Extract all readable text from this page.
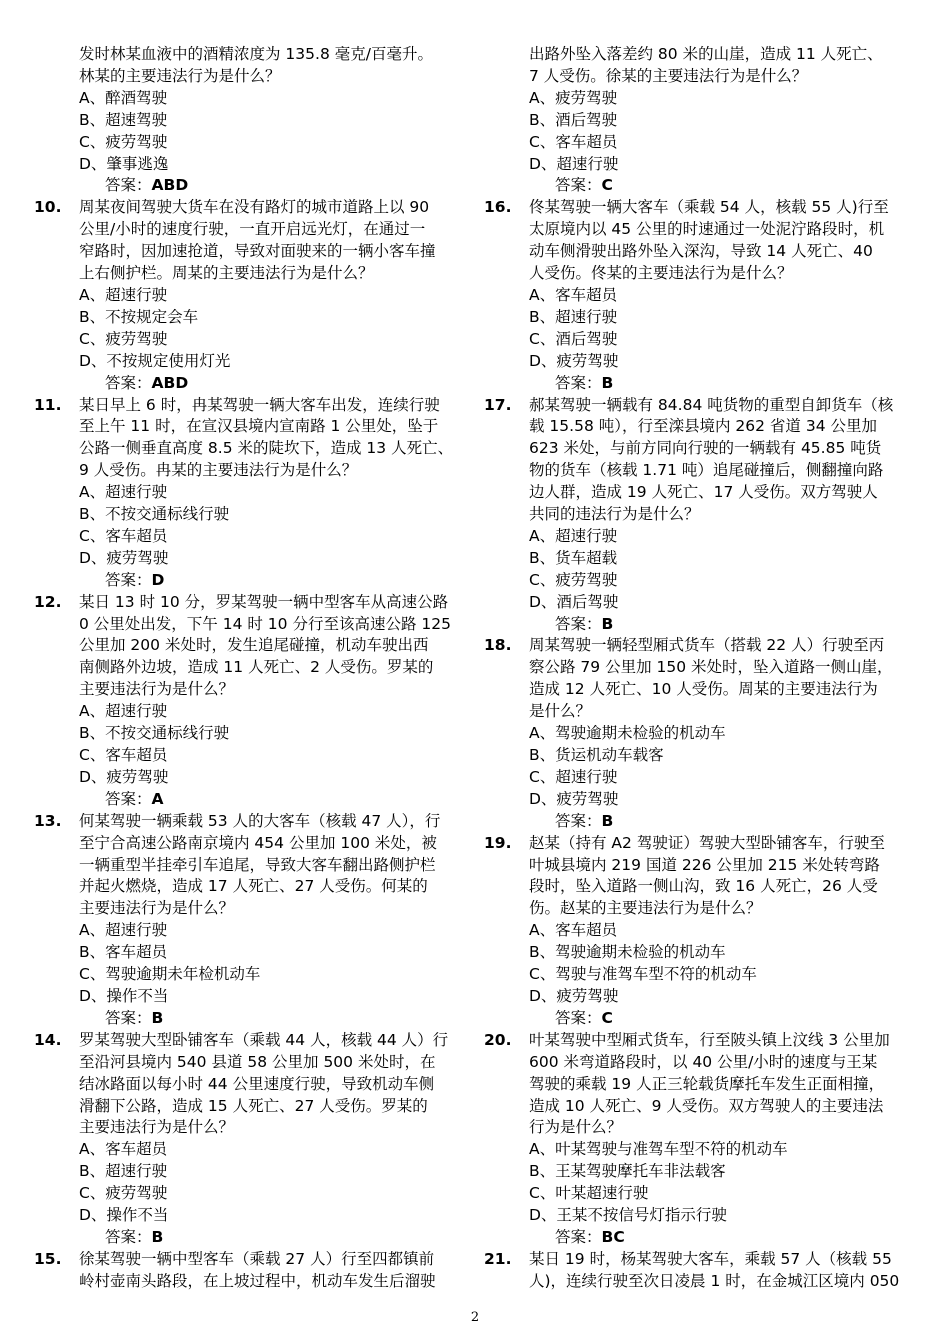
发时林某血液中的酒精浓度为 135.8 毫克/百毫升。
林某的主要违法行为是什么？
A、醉酒驾驶
B、超速驾驶
C、疲劳驾驶
D、肇事逃逸
答案：ABD
10. 周某夜间驾驶大货车在没有路灯的城市道路上以 90
公里/小时的速度行驶，一直开启远光灯，在通过一
窄路时，因加速抢道，导致对面驶来的一辆小客车撞
上右侧护栏。周某的主要违法行为是什么？
A、超速行驶
B、不按规定会车
C、疲劳驾驶
D、不按规定使用灯光
答案：ABD
11. 某日早上 6 时，冉某驾驶一辆大客车出发，连续行驶
至上午 11 时，在宣汉县境内宣南路 1 公里处，坠于
公路一侧垂直高度 8.5 米的陡坎下，造成 13 人死亡、
9 人受伤。冉某的主要违法行为是什么？
A、超速行驶
B、不按交通标线行驶
C、客车超员
D、疲劳驾驶
答案：D
12. 某日 13 时 10 分，罗某驾驶一辆中型客车从高速公路
0 公里处出发，下午 14 时 10 分行至该高速公路 125
公里加 200 米处时，发生追尾碰撞，机动车驶出西
南侧路外边坡，造成 11 人死亡、2 人受伤。罗某的
主要违法行为是什么？
A、超速行驶
B、不按交通标线行驶
C、客车超员
D、疲劳驾驶
答案：A
13. 何某驾驶一辆乘载 53 人的大客车（核载 47 人），行
至宁合高速公路南京境内 454 公里加 100 米处，被
一辆重型半挂牵引车追尾，导致大客车翻出路侧护栏
并起火燃烧，造成 17 人死亡、27 人受伤。何某的
主要违法行为是什么？
A、超速行驶
B、客车超员
C、驾驶逾期未年检机动车
D、操作不当
答案：B
14. 罗某驾驶大型卧铺客车（乘载 44 人，核载 44 人）行
至沿河县境内 540 县道 58 公里加 500 米处时，在
结冰路面以每小时 44 公里速度行驶，导致机动车侧
滑翻下公路，造成 15 人死亡、27 人受伤。罗某的
主要违法行为是什么？
A、客车超员
B、超速行驶
C、疲劳驾驶
D、操作不当
答案：B
15. 徐某驾驶一辆中型客车（乘载 27 人）行至四都镇前
岭村壶南头路段，在上坡过程中，机动车发生后溜驶
出路外坠入落差约 80 米的山崖，造成 11 人死亡、
7 人受伤。徐某的主要违法行为是什么？
A、疲劳驾驶
B、酒后驾驶
C、客车超员
D、超速行驶
答案：C
16. 佟某驾驶一辆大客车（乘载 54 人，核载 55 人)行至
太原境内以 45 公里的时速通过一处泥泞路段时，机
动车侧滑驶出路外坠入深沟，导致 14 人死亡、40
人受伤。佟某的主要违法行为是什么？
A、客车超员
B、超速行驶
C、酒后驾驶
D、疲劳驾驶
答案：B
17. 郝某驾驶一辆载有 84.84 吨货物的重型自卸货车（核
载 15.58 吨），行至滦县境内 262 省道 34 公里加
623 米处，与前方同向行驶的一辆载有 45.85 吨货
物的货车（核载 1.71 吨）追尾碰撞后，侧翻撞向路
边人群，造成 19 人死亡、17 人受伤。双方驾驶人
共同的违法行为是什么？
A、超速行驶
B、货车超载
C、疲劳驾驶
D、酒后驾驶
答案：B
18. 周某驾驶一辆轻型厢式货车（搭载 22 人）行驶至丙
察公路 79 公里加 150 米处时，坠入道路一侧山崖，
造成 12 人死亡、10 人受伤。周某的主要违法行为
是什么？
A、驾驶逾期未检验的机动车
B、货运机动车载客
C、超速行驶
D、疲劳驾驶
答案：B
19. 赵某（持有 A2 驾驶证）驾驶大型卧铺客车，行驶至
叶城县境内 219 国道 226 公里加 215 米处转弯路
段时，坠入道路一侧山沟，致 16 人死亡，26 人受
伤。赵某的主要违法行为是什么？
A、客车超员
B、驾驶逾期未检验的机动车
C、驾驶与准驾车型不符的机动车
D、疲劳驾驶
答案：C
20. 叶某驾驶中型厢式货车，行至陂头镇上汶线 3 公里加
600 米弯道路段时，以 40 公里/小时的速度与王某
驾驶的乘载 19 人正三轮载货摩托车发生正面相撞，
造成 10 人死亡、9 人受伤。双方驾驶人的主要违法
行为是什么？
A、叶某驾驶与准驾车型不符的机动车
B、王某驾驶摩托车非法载客
C、叶某超速行驶
D、王某不按信号灯指示行驶
答案：BC
21. 某日 19 时，杨某驾驶大客车，乘载 57 人（核载 55
人)，连续行驶至次日凌晨 1 时，在金城江区境内 050
2
